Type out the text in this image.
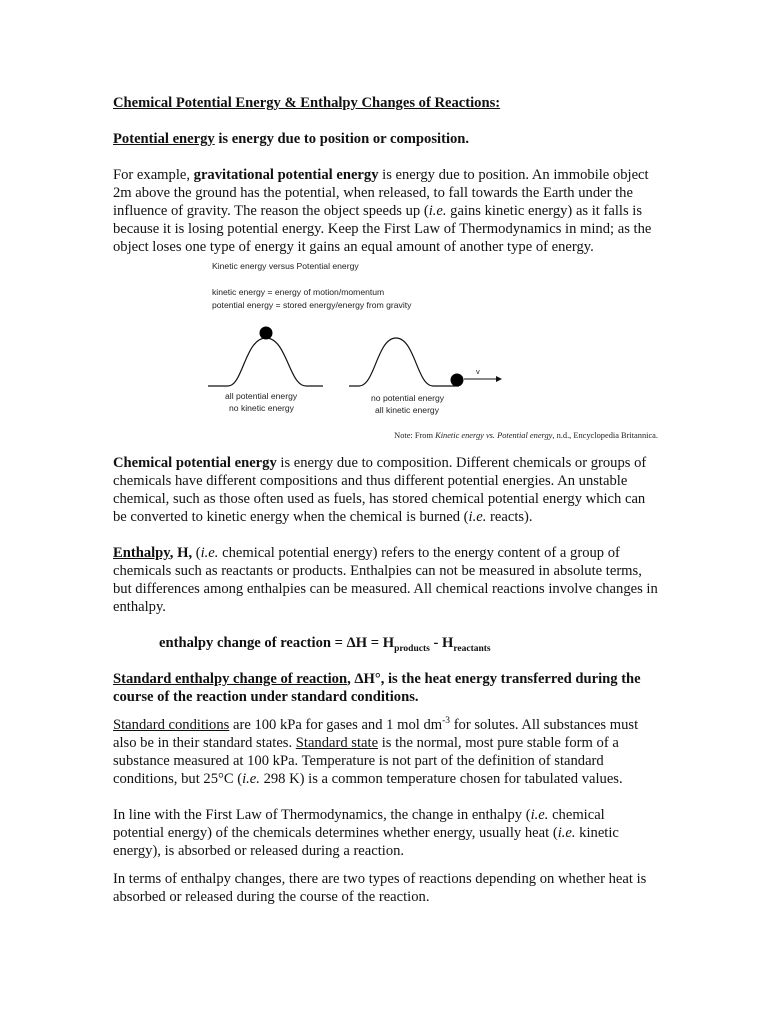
Chemical Potential Energy & Enthalpy Changes of Reactions:

Potential energy is energy due to position or composition.

For example, gravitational potential energy is energy due to position. An immobile object 2m above the ground has the potential, when released, to fall towards the Earth under the influence of gravity. The reason the object speeds up (i.e. gains kinetic energy) as it falls is because it is losing potential energy. Keep the First Law of Thermodynamics in mind; as the object loses one type of energy it gains an equal amount of another type of energy.

Kinetic energy versus Potential energy
kinetic energy = energy of motion/momentum
potential energy = stored energy/energy from gravity
v
all potential energy
no kinetic energy
no potential energy
all kinetic energy
Note: From Kinetic energy vs. Potential energy, n.d., Encyclopedia Britannica.

Chemical potential energy is energy due to composition. Different chemicals or groups of chemicals have different compositions and thus different potential energies. An unstable chemical, such as those often used as fuels, has stored chemical potential energy which can be converted to kinetic energy when the chemical is burned (i.e. reacts).

Enthalpy, H, (i.e. chemical potential energy) refers to the energy content of a group of chemicals such as reactants or products. Enthalpies can not be measured in absolute terms, but differences among enthalpies can be measured. All chemical reactions involve changes in enthalpy.

enthalpy change of reaction = $\Delta H = H_{products} - H_{reactants}$

Standard enthalpy change of reaction, ΔH°, is the heat energy transferred during the course of the reaction under standard conditions.

Standard conditions are 100 kPa for gases and 1 mol $dm^{-3}$ for solutes. All substances must also be in their standard states. Standard state is the normal, most pure stable form of a substance measured at 100 kPa. Temperature is not part of the definition of standard conditions, but 25°C (i.e. 298 K) is a common temperature chosen for tabulated values.

In line with the First Law of Thermodynamics, the change in enthalpy (i.e. chemical potential energy) of the chemicals determines whether energy, usually heat (i.e. kinetic energy), is absorbed or released during a reaction.

In terms of enthalpy changes, there are two types of reactions depending on whether heat is absorbed or released during the course of the reaction.
